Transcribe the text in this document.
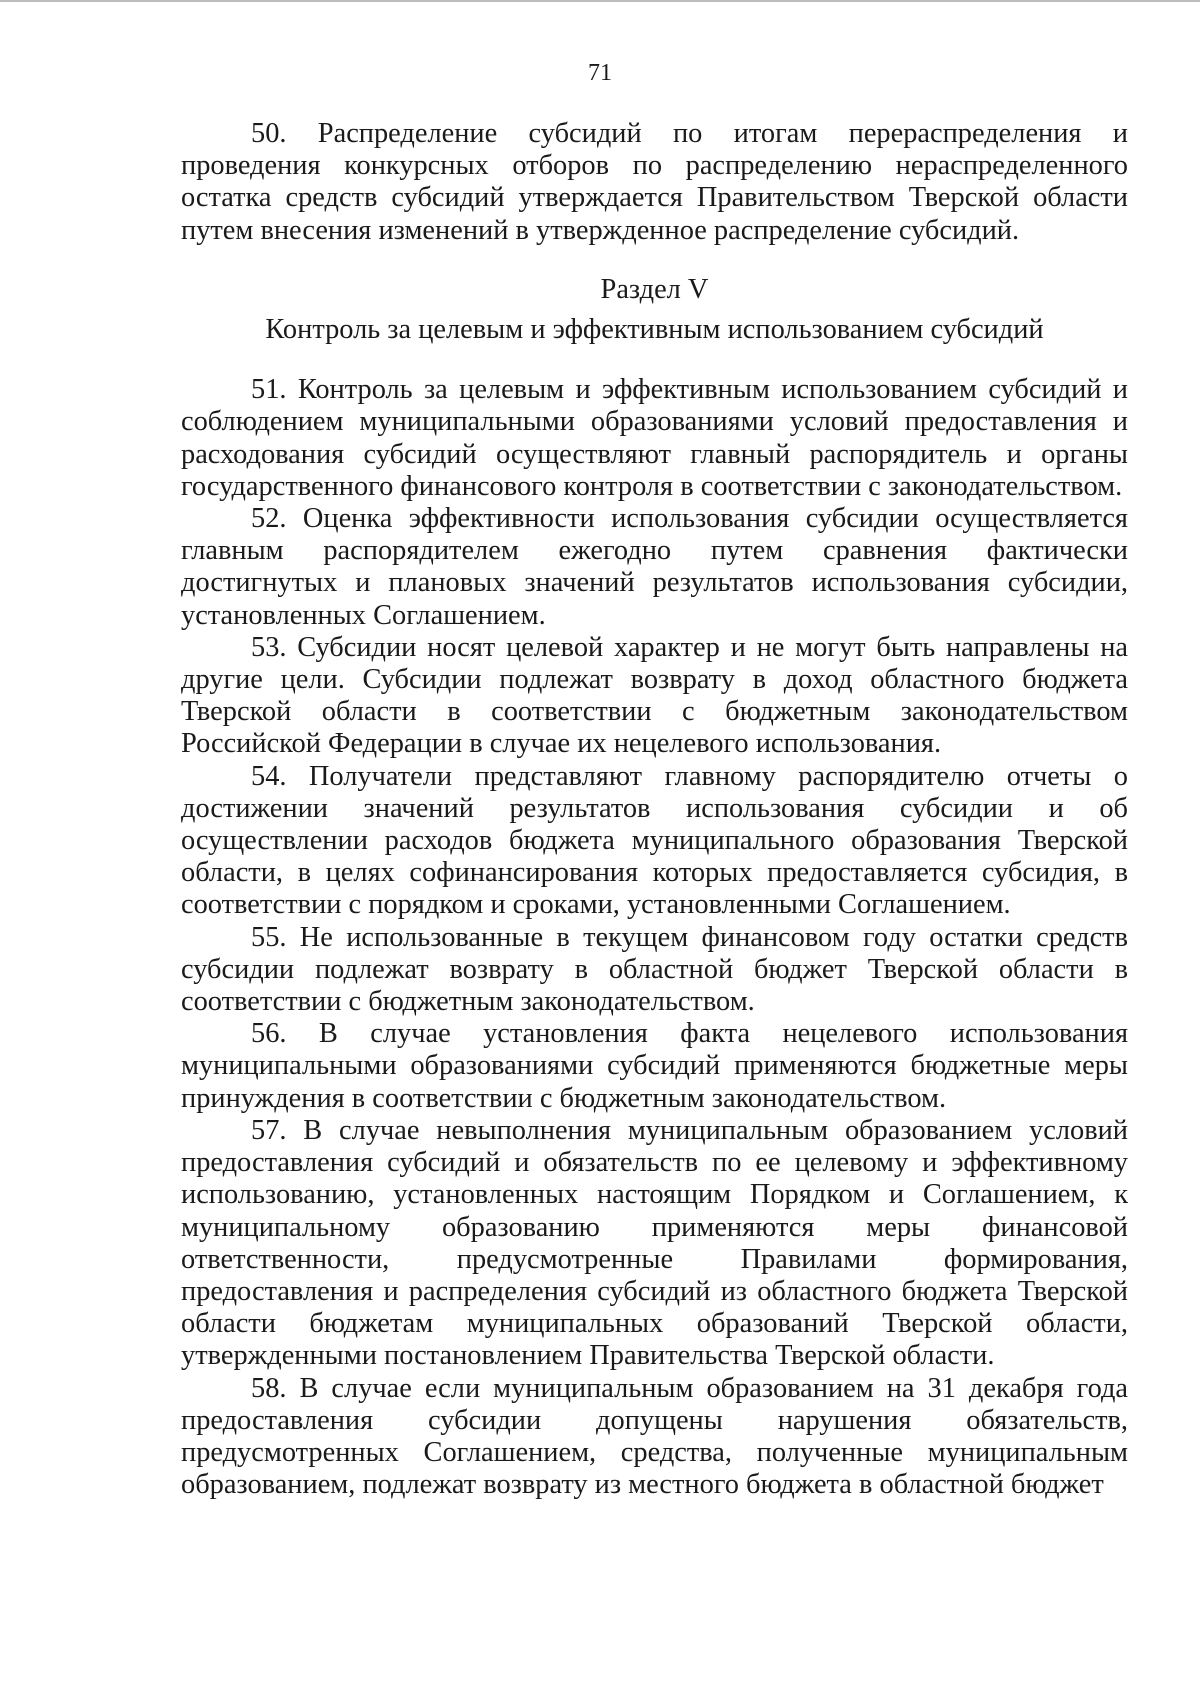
71

50. Распределение субсидий по итогам перераспределения и проведения конкурсных отборов по распределению нераспределенного остатка средств субсидий утверждается Правительством Тверской области путем внесения изменений в утвержденное распределение субсидий.

Раздел V
Контроль за целевым и эффективным использованием субсидий

51. Контроль за целевым и эффективным использованием субсидий и соблюдением муниципальными образованиями условий предоставления и расходования субсидий осуществляют главный распорядитель и органы государственного финансового контроля в соответствии с законодательством.

52. Оценка эффективности использования субсидии осуществляется главным распорядителем ежегодно путем сравнения фактически достигнутых и плановых значений результатов использования субсидии, установленных Соглашением.

53. Субсидии носят целевой характер и не могут быть направлены на другие цели. Субсидии подлежат возврату в доход областного бюджета Тверской области в соответствии с бюджетным законодательством Российской Федерации в случае их нецелевого использования.

54. Получатели представляют главному распорядителю отчеты о достижении значений результатов использования субсидии и об осуществлении расходов бюджета муниципального образования Тверской области, в целях софинансирования которых предоставляется субсидия, в соответствии с порядком и сроками, установленными Соглашением.

55. Не использованные в текущем финансовом году остатки средств субсидии подлежат возврату в областной бюджет Тверской области в соответствии с бюджетным законодательством.

56. В случае установления факта нецелевого использования муниципальными образованиями субсидий применяются бюджетные меры принуждения в соответствии с бюджетным законодательством.

57. В случае невыполнения муниципальным образованием условий предоставления субсидий и обязательств по ее целевому и эффективному использованию, установленных настоящим Порядком и Соглашением, к муниципальному образованию применяются меры финансовой ответственности, предусмотренные Правилами формирования, предоставления и распределения субсидий из областного бюджета Тверской области бюджетам муниципальных образований Тверской области, утвержденными постановлением Правительства Тверской области.

58. В случае если муниципальным образованием на 31 декабря года предоставления субсидии допущены нарушения обязательств, предусмотренных Соглашением, средства, полученные муниципальным образованием, подлежат возврату из местного бюджета в областной бюджет
